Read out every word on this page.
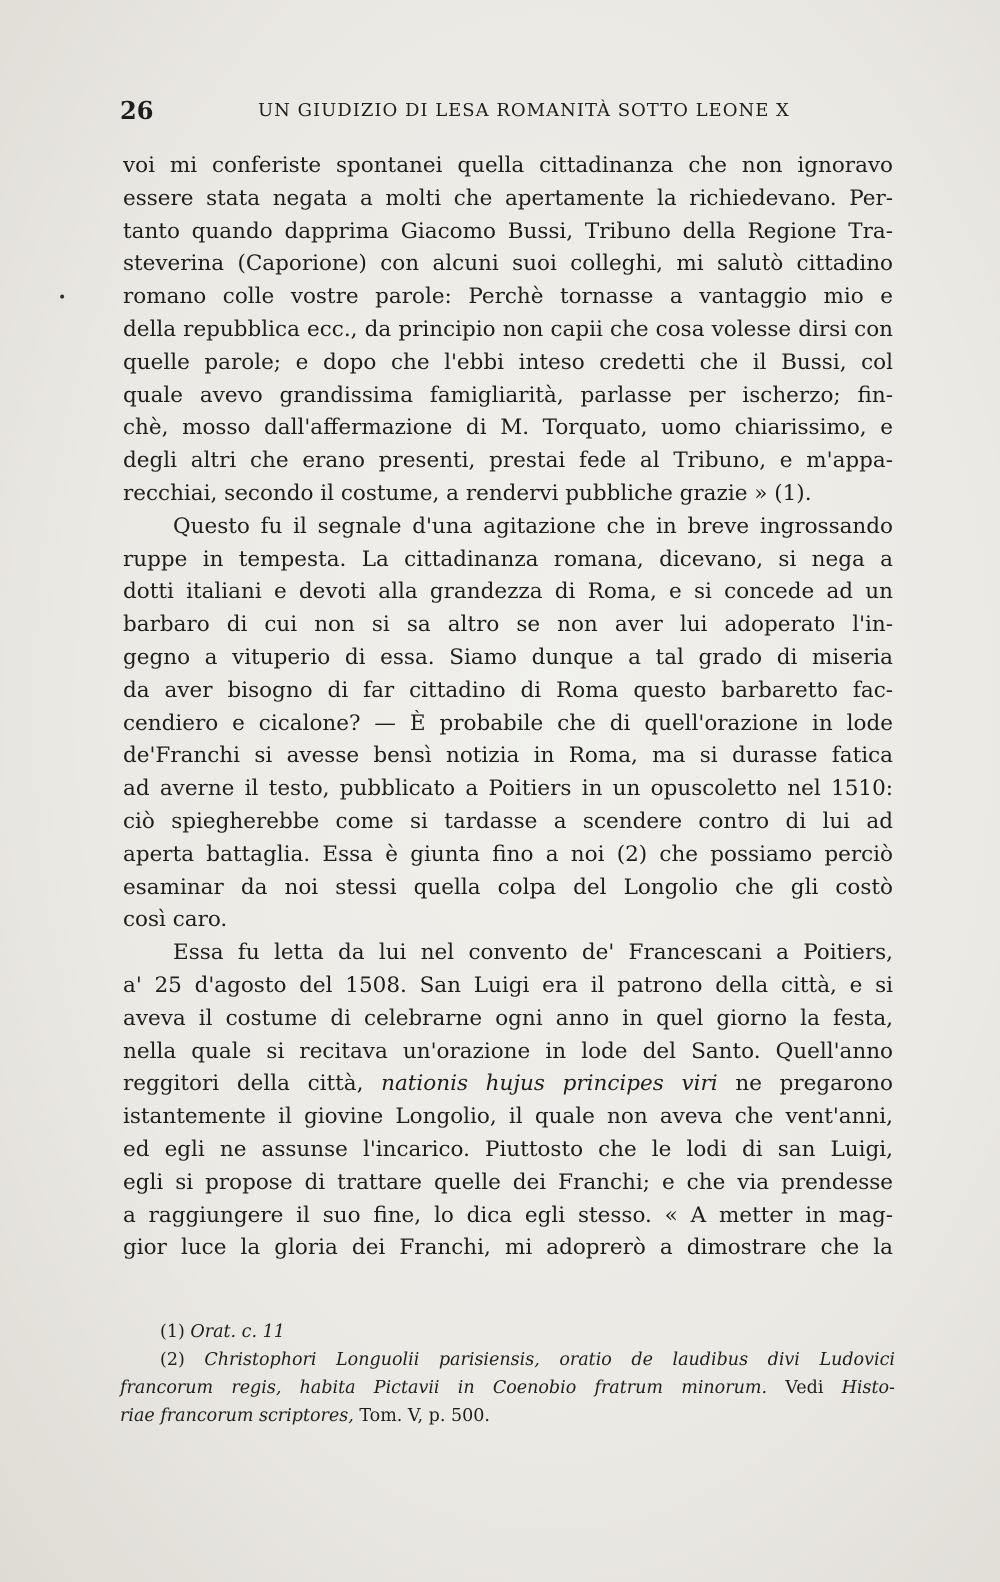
26	UN GIUDIZIO DI LESA ROMANITÀ SOTTO LEONE X
•
voi mi conferiste spontanei quella cittadinanza che non ignoravo
essere stata negata a molti che apertamente la richiedevano. Per-
tanto quando dapprima Giacomo Bussi, Tribuno della Regione Tra-
steverina (Caporione) con alcuni suoi colleghi, mi salutò cittadino
romano colle vostre parole: Perchè tornasse a vantaggio mio e
della repubblica ecc., da principio non capii che cosa volesse dirsi con
quelle parole; e dopo che l'ebbi inteso credetti che il Bussi, col
quale avevo grandissima famigliarità, parlasse per ischerzo; fin-
chè, mosso dall'affermazione di M. Torquato, uomo chiarissimo, e
degli altri che erano presenti, prestai fede al Tribuno, e m'appa-
recchiai, secondo il costume, a rendervi pubbliche grazie » (1).
Questo fu il segnale d'una agitazione che in breve ingrossando
ruppe in tempesta. La cittadinanza romana, dicevano, si nega a
dotti italiani e devoti alla grandezza di Roma, e si concede ad un
barbaro di cui non si sa altro se non aver lui adoperato l'in-
gegno a vituperio di essa. Siamo dunque a tal grado di miseria
da aver bisogno di far cittadino di Roma questo barbaretto fac-
cendiero e cicalone? — È probabile che di quell'orazione in lode
de'Franchi si avesse bensì notizia in Roma, ma si durasse fatica
ad averne il testo, pubblicato a Poitiers in un opuscoletto nel 1510:
ciò spiegherebbe come si tardasse a scendere contro di lui ad
aperta battaglia. Essa è giunta fino a noi (2) che possiamo perciò
esaminar da noi stessi quella colpa del Longolio che gli costò
così caro.
Essa fu letta da lui nel convento de' Francescani a Poitiers,
a' 25 d'agosto del 1508. San Luigi era il patrono della città, e si
aveva il costume di celebrarne ogni anno in quel giorno la festa,
nella quale si recitava un'orazione in lode del Santo. Quell'anno
reggitori della città, nationis hujus principes viri ne pregarono
istantemente il giovine Longolio, il quale non aveva che vent'anni,
ed egli ne assunse l'incarico. Piuttosto che le lodi di san Luigi,
egli si propose di trattare quelle dei Franchi; e che via prendesse
a raggiungere il suo fine, lo dica egli stesso. « A metter in mag-
gior luce la gloria dei Franchi, mi adoprerò a dimostrare che la
(1) Orat. c. 11
(2) Christophori Longuolii parisiensis, oratio de laudibus divi Ludovici
francorum regis, habita Pictavii in Coenobio fratrum minorum. Vedi Histo-
riae francorum scriptores, Tom. V, p. 500.
